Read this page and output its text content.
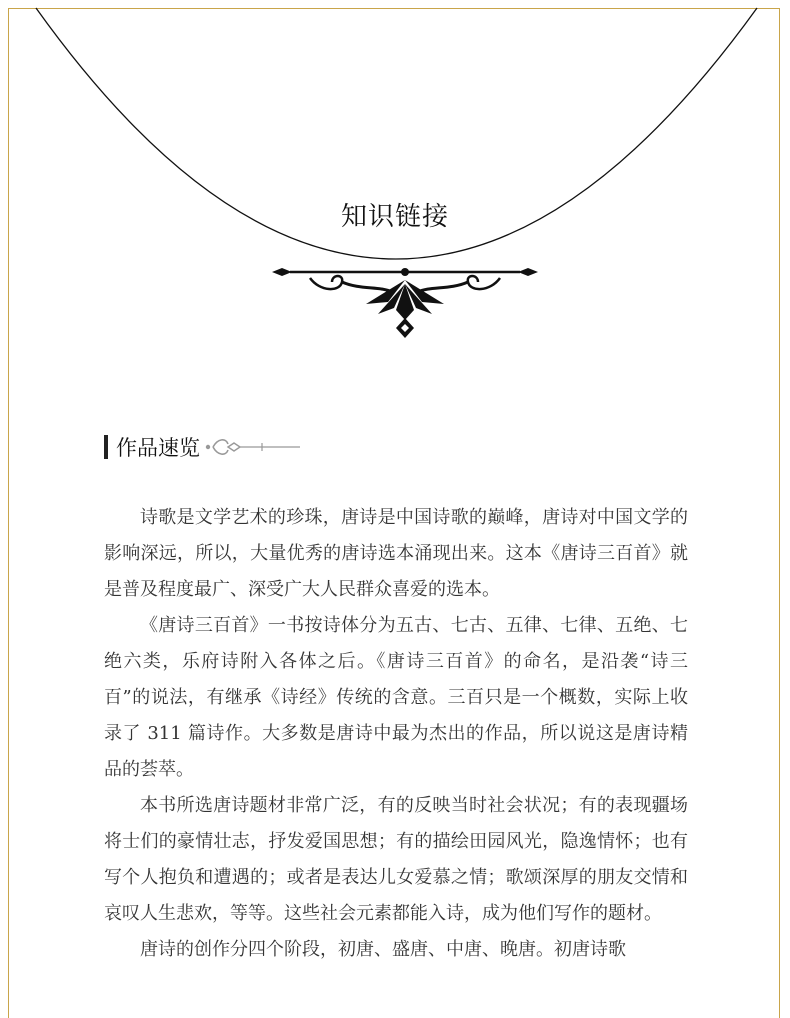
知识链接
作品速览

诗歌是文学艺术的珍珠，唐诗是中国诗歌的巅峰，唐诗对中国文学的影响深远，所以，大量优秀的唐诗选本涌现出来。这本《唐诗三百首》就是普及程度最广、深受广大人民群众喜爱的选本。

《唐诗三百首》一书按诗体分为五古、七古、五律、七律、五绝、七绝六类，乐府诗附入各体之后。《唐诗三百首》的命名，是沿袭“诗三百”的说法，有继承《诗经》传统的含意。三百只是一个概数，实际上收录了 311 篇诗作。大多数是唐诗中最为杰出的作品，所以说这是唐诗精品的荟萃。

本书所选唐诗题材非常广泛，有的反映当时社会状况；有的表现疆场将士们的豪情壮志，抒发爱国思想；有的描绘田园风光，隐逸情怀；也有写个人抱负和遭遇的；或者是表达儿女爱慕之情；歌颂深厚的朋友交情和哀叹人生悲欢，等等。这些社会元素都能入诗，成为他们写作的题材。

唐诗的创作分四个阶段，初唐、盛唐、中唐、晚唐。初唐诗歌
